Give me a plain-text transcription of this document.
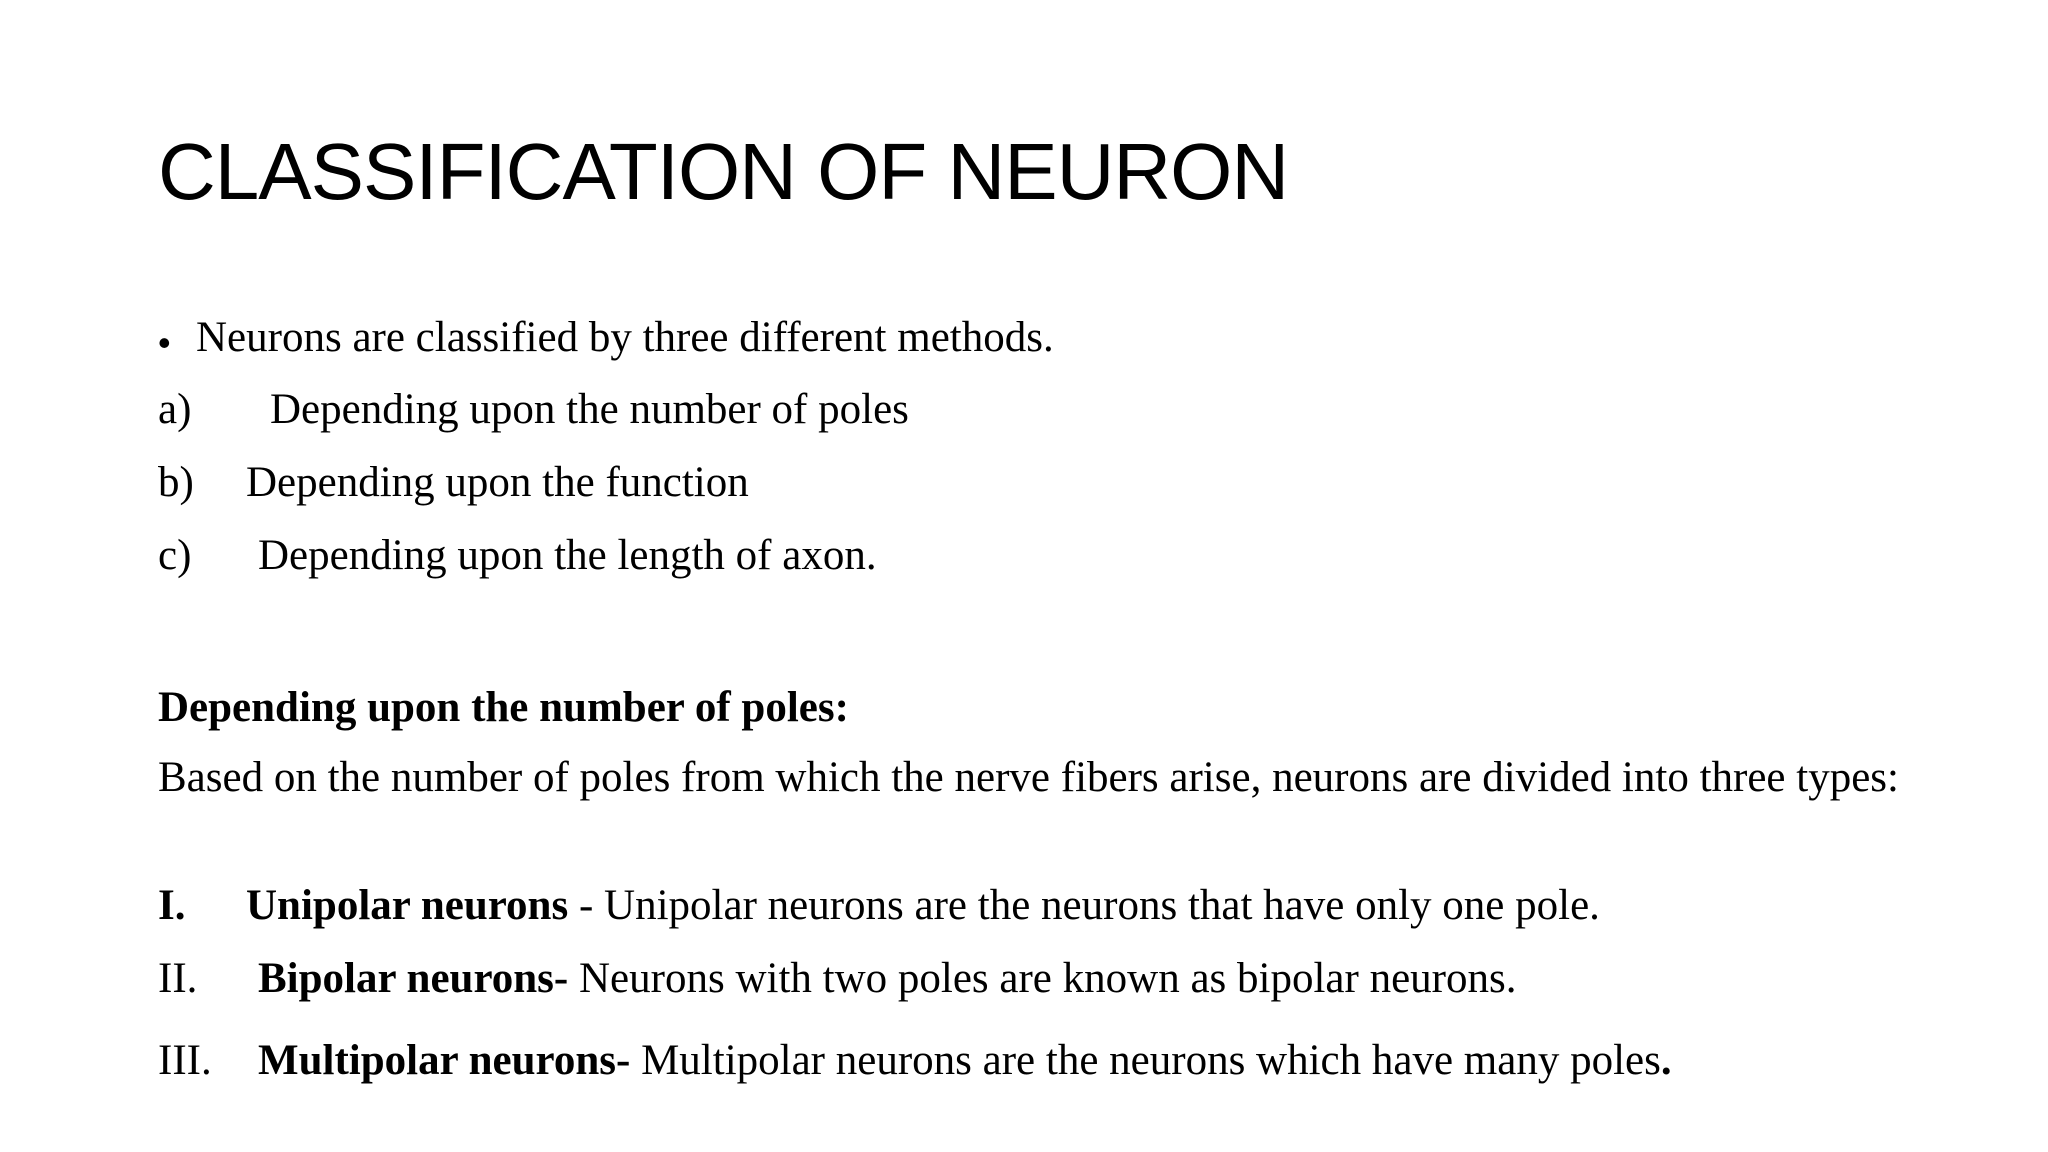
CLASSIFICATION OF NEURON
• Neurons are classified by three different methods.
a) Depending upon the number of poles
b) Depending upon the function
c) Depending upon the length of axon.
Depending upon the number of poles:
Based on the number of poles from which the nerve fibers arise, neurons are divided into three types:
I. Unipolar neurons - Unipolar neurons are the neurons that have only one pole.
II. Bipolar neurons- Neurons with two poles are known as bipolar neurons.
III. Multipolar neurons- Multipolar neurons are the neurons which have many poles.
